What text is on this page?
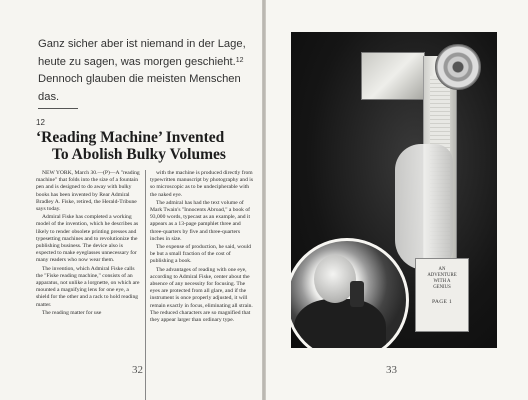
Ganz sicher aber ist niemand in der Lage,
heute zu sagen, was morgen geschieht.$^{12}$
Dennoch glauben die meisten Menschen
das.
12
‘Reading Machine’ Invented
To Abolish Bulky Volumes

NEW YORK, March 30.—(P)—A "reading machine" that folds into the size of a fountain pen and is designed to do away with bulky books has been invented by Rear Admiral Bradley A. Fiske, retired, the Herald-Tribune says today.

Admiral Fiske has completed a working model of the invention, which he describes as likely to render obsolete printing presses and typesetting machines and to revolutionize the publishing business. The device also is expected to make eyeglasses unnecessary for many readers who now wear them.

The invention, which Admiral Fiske calls the "Fiske reading machine," consists of an apparatus, not unlike a lorgnette, on which are mounted a magnifying lens for one eye, a shield for the other and a rack to hold reading matter.

The reading matter for use

with the machine is produced directly from typewritten manuscript by photography and is so microscopic as to be undecipherable with the naked eye.

The admiral has had the text volume of Mark Twain's "Innocents Abroad," a book of 93,000 words, typecast as an example, and it appears as a 13-page pamphlet three and three-quarters by five and three-quarters inches in size.

The expense of production, he said, would be but a small fraction of the cost of publishing a book.

The advantages of reading with one eye, according to Admiral Fiske, center about the absence of any necessity for focusing. The eyes are protected from all glare, and if the instrument is once properly adjusted, it will remain exactly in focus, eliminating all strain. The reduced characters are so magnified that they appear larger than ordinary type.

32
AN
ADVENTURE
WITH A
GENIUS
PAGE 1
33
